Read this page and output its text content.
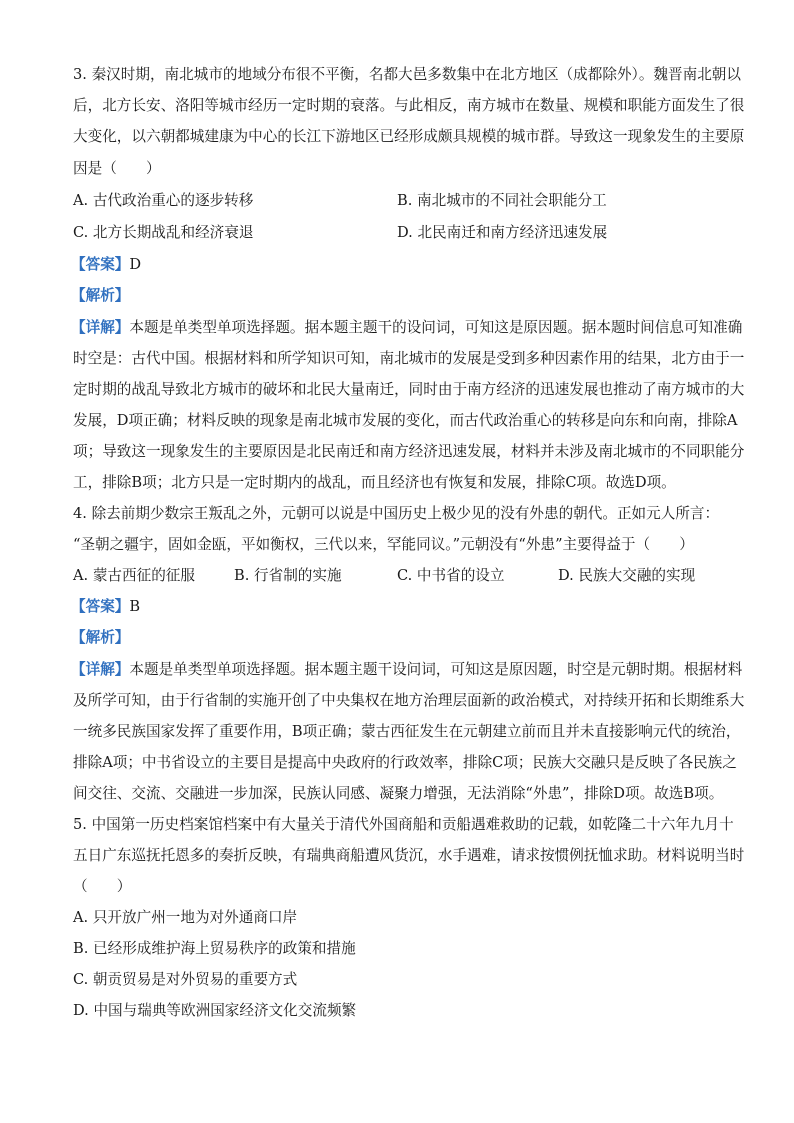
3. 秦汉时期，南北城市的地域分布很不平衡，名都大邑多数集中在北方地区（成都除外）。魏晋南北朝以
后，北方长安、洛阳等城市经历一定时期的衰落。与此相反，南方城市在数量、规模和职能方面发生了很
大变化，以六朝都城建康为中心的长江下游地区已经形成颇具规模的城市群。导致这一现象发生的主要原
因是（　　）
A. 古代政治重心的逐步转移	B. 南北城市的不同社会职能分工
C. 北方长期战乱和经济衰退	D. 北民南迁和南方经济迅速发展
【答案】D
【解析】
【详解】本题是单类型单项选择题。据本题主题干的设问词，可知这是原因题。据本题时间信息可知准确
时空是：古代中国。根据材料和所学知识可知，南北城市的发展是受到多种因素作用的结果，北方由于一
定时期的战乱导致北方城市的破坏和北民大量南迁，同时由于南方经济的迅速发展也推动了南方城市的大
发展，D项正确；材料反映的现象是南北城市发展的变化，而古代政治重心的转移是向东和向南，排除A
项；导致这一现象发生的主要原因是北民南迁和南方经济迅速发展，材料并未涉及南北城市的不同职能分
工，排除B项；北方只是一定时期内的战乱，而且经济也有恢复和发展，排除C项。故选D项。
4. 除去前期少数宗王叛乱之外，元朝可以说是中国历史上极少见的没有外患的朝代。正如元人所言：
“圣朝之疆宇，固如金瓯，平如衡权，三代以来，罕能同议。”元朝没有“外患”主要得益于（　　）
A. 蒙古西征的征服	B. 行省制的实施	C. 中书省的设立	D. 民族大交融的实现
【答案】B
【解析】
【详解】本题是单类型单项选择题。据本题主题干设问词，可知这是原因题，时空是元朝时期。根据材料
及所学可知，由于行省制的实施开创了中央集权在地方治理层面新的政治模式，对持续开拓和长期维系大
一统多民族国家发挥了重要作用，B项正确；蒙古西征发生在元朝建立前而且并未直接影响元代的统治，
排除A项；中书省设立的主要目是提高中央政府的行政效率，排除C项；民族大交融只是反映了各民族之
间交往、交流、交融进一步加深，民族认同感、凝聚力增强，无法消除“外患”，排除D项。故选B项。
5. 中国第一历史档案馆档案中有大量关于清代外国商船和贡船遇难救助的记载，如乾隆二十六年九月十
五日广东巡抚托恩多的奏折反映，有瑞典商船遭风货沉，水手遇难，请求按惯例抚恤求助。材料说明当时
（　　）
A. 只开放广州一地为对外通商口岸
B. 已经形成维护海上贸易秩序的政策和措施
C. 朝贡贸易是对外贸易的重要方式
D. 中国与瑞典等欧洲国家经济文化交流频繁
